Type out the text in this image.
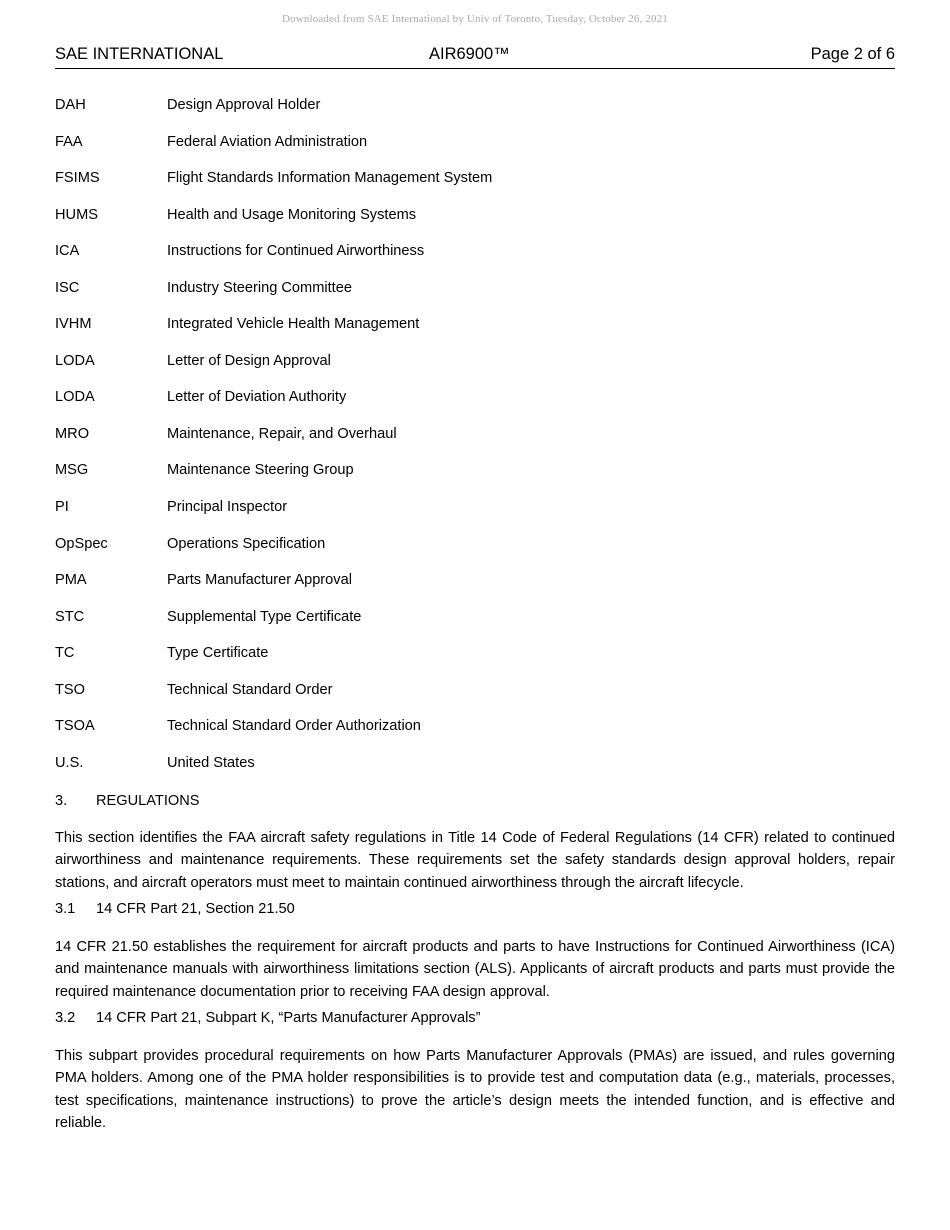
Downloaded from SAE International by Univ of Toronto, Tuesday, October 26, 2021
SAE INTERNATIONAL	AIR6900™	Page 2 of 6
DAH	Design Approval Holder
FAA	Federal Aviation Administration
FSIMS	Flight Standards Information Management System
HUMS	Health and Usage Monitoring Systems
ICA	Instructions for Continued Airworthiness
ISC	Industry Steering Committee
IVHM	Integrated Vehicle Health Management
LODA	Letter of Design Approval
LODA	Letter of Deviation Authority
MRO	Maintenance, Repair, and Overhaul
MSG	Maintenance Steering Group
PI	Principal Inspector
OpSpec	Operations Specification
PMA	Parts Manufacturer Approval
STC	Supplemental Type Certificate
TC	Type Certificate
TSO	Technical Standard Order
TSOA	Technical Standard Order Authorization
U.S.	United States
3. REGULATIONS
This section identifies the FAA aircraft safety regulations in Title 14 Code of Federal Regulations (14 CFR) related to continued airworthiness and maintenance requirements. These requirements set the safety standards design approval holders, repair stations, and aircraft operators must meet to maintain continued airworthiness through the aircraft lifecycle.
3.1 14 CFR Part 21, Section 21.50
14 CFR 21.50 establishes the requirement for aircraft products and parts to have Instructions for Continued Airworthiness (ICA) and maintenance manuals with airworthiness limitations section (ALS). Applicants of aircraft products and parts must provide the required maintenance documentation prior to receiving FAA design approval.
3.2 14 CFR Part 21, Subpart K, “Parts Manufacturer Approvals”
This subpart provides procedural requirements on how Parts Manufacturer Approvals (PMAs) are issued, and rules governing PMA holders. Among one of the PMA holder responsibilities is to provide test and computation data (e.g., materials, processes, test specifications, maintenance instructions) to prove the article’s design meets the intended function, and is effective and reliable.
